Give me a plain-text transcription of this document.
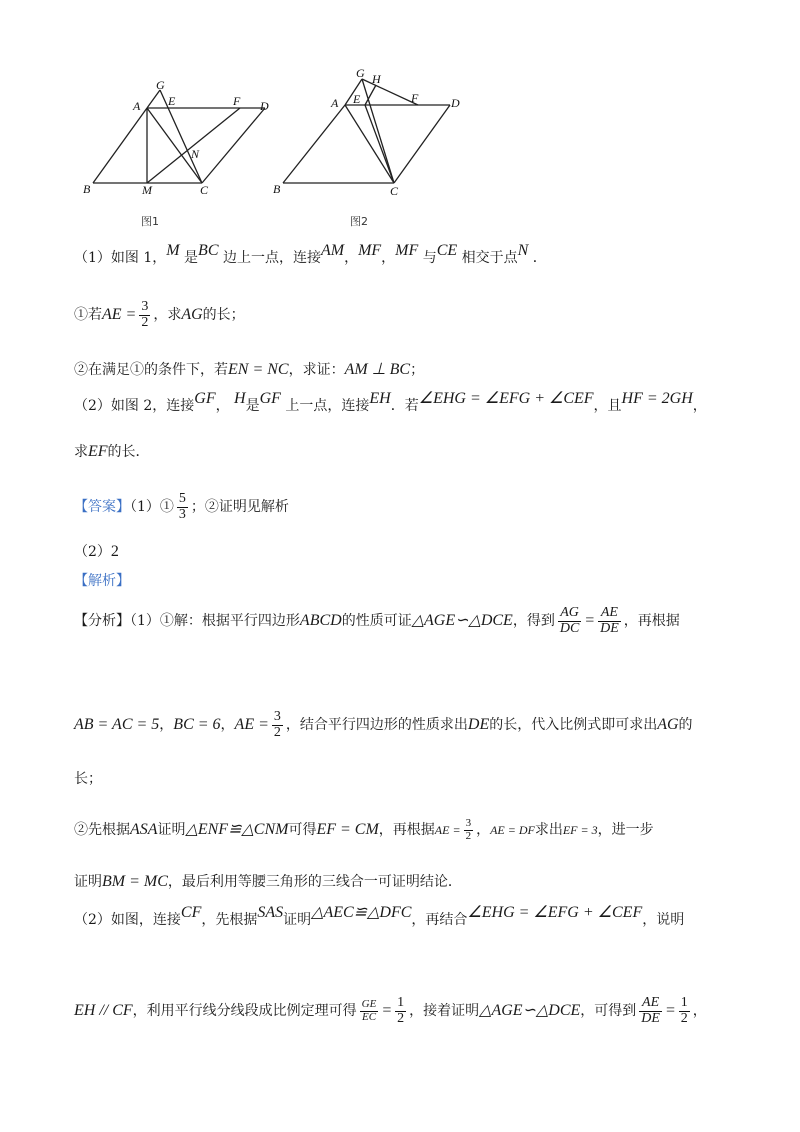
G
A E	F D
N
B	M	C
图1
G H
A E	F	D
B	C
图2
（1）如图 1，M 是BC 边上一点，连接AM，MF，MF 与CE 相交于点N ．
①若AE = $\frac{3}{2}$ ，求AG的长；
②在满足①的条件下，若EN = NC，求证：AM ⊥ BC；
（2）如图 2，连接GF， H是GF 上一点，连接EH．若∠EHG = ∠EFG + ∠CEF，且HF = 2GH，
求EF的长．
【答案】（1）① $\frac{5}{3}$ ；②证明见解析
（2）2
【解析】
【分析】（1）①解：根据平行四边形ABCD的性质可证△AGE∽△DCE，得到 $\frac{AG}{DC} = \frac{AE}{DE}$ ，再根据
AB = AC = 5，BC = 6，AE = $\frac{3}{2}$ ，结合平行四边形的性质求出DE的长，代入比例式即可求出AG的
长；
②先根据ASA证明△ENF≌△CNM可得EF = CM，再根据AE = $\frac{3}{2}$ ，AE = DF求出EF = 3，进一步
证明BM = MC，最后利用等腰三角形的三线合一可证明结论．
（2）如图，连接CF，先根据SAS证明△AEC≌△DFC，再结合∠EHG = ∠EFG + ∠CEF，说明
EH // CF，利用平行线分线段成比例定理可得 $\frac{GE}{EC} = \frac{1}{2}$ ，接着证明△AGE∽△DCE，可得到 $\frac{AE}{DE} = \frac{1}{2}$ ，
